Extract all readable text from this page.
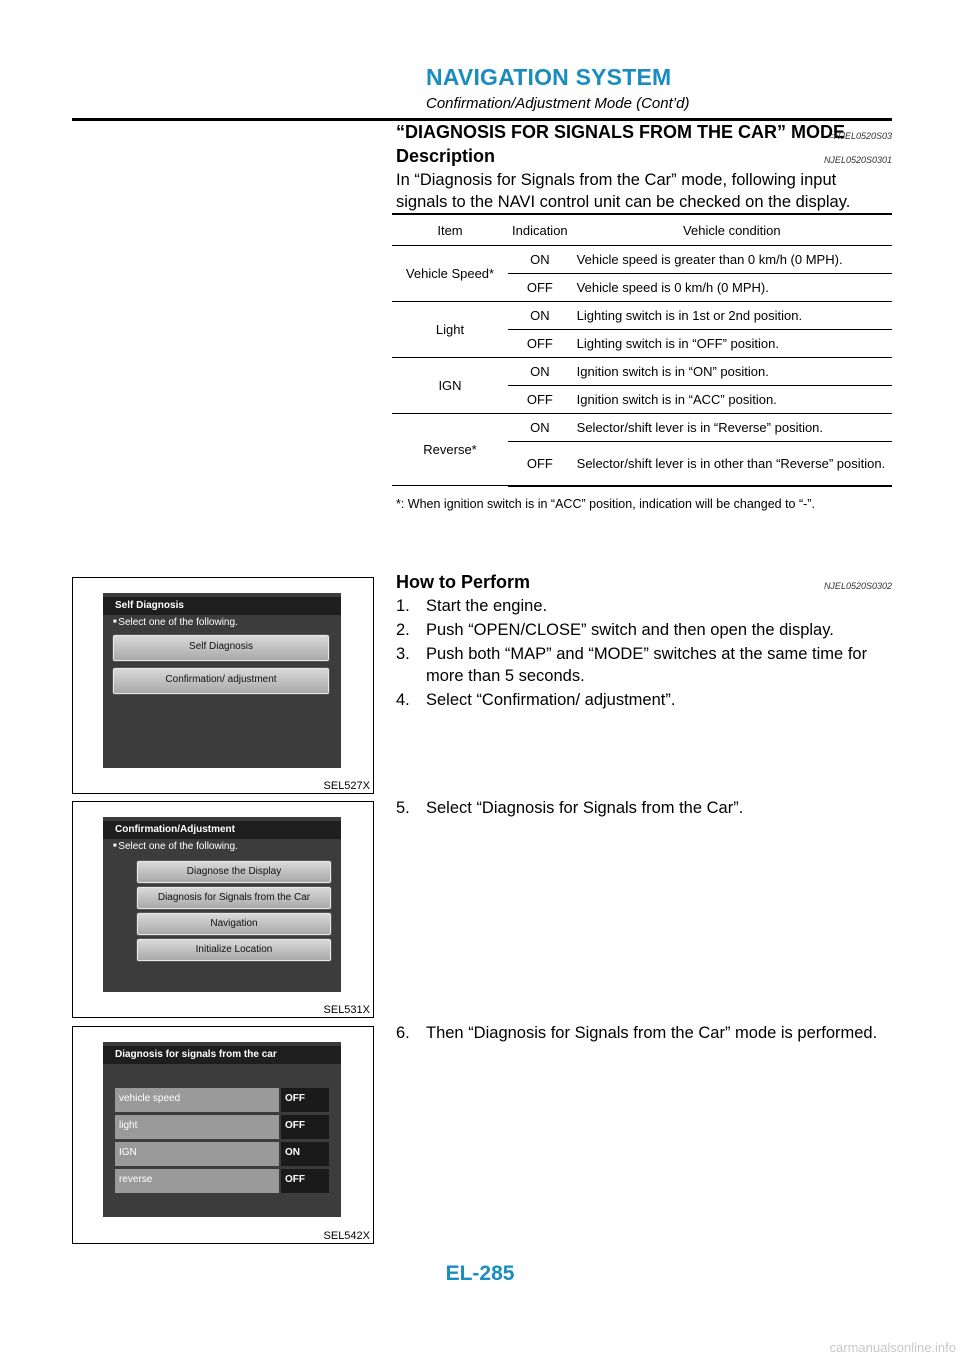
NAVIGATION SYSTEM
Confirmation/Adjustment Mode (Cont’d)
“DIAGNOSIS FOR SIGNALS FROM THE CAR” MODE
=NJEL0520S03
Description	NJEL0520S0301
In “Diagnosis for Signals from the Car” mode, following input signals to the NAVI control unit can be checked on the display.
Item	Indication	Vehicle condition
Vehicle Speed*	ON	Vehicle speed is greater than 0 km/h (0 MPH).
	OFF	Vehicle speed is 0 km/h (0 MPH).
Light	ON	Lighting switch is in 1st or 2nd position.
	OFF	Lighting switch is in “OFF” position.
IGN	ON	Ignition switch is in “ON” position.
	OFF	Ignition switch is in “ACC” position.
Reverse*	ON	Selector/shift lever is in “Reverse” position.
	OFF	Selector/shift lever is in other than “Reverse” position.
*: When ignition switch is in “ACC” position, indication will be changed to “-”.
How to Perform	NJEL0520S0302
1. Start the engine.
2. Push “OPEN/CLOSE” switch and then open the display.
3. Push both “MAP” and “MODE” switches at the same time for more than 5 seconds.
4. Select “Confirmation/ adjustment”.
5. Select “Diagnosis for Signals from the Car”.
6. Then “Diagnosis for Signals from the Car” mode is performed.
Self Diagnosis
■ Select one of the following.
Self Diagnosis
Confirmation/ adjustment
SEL527X
Confirmation/Adjustment
■ Select one of the following.
Diagnose the Display
Diagnosis for Signals from the Car
Navigation
Initialize Location
SEL531X
Diagnosis for signals from the car
vehicle speed	OFF
light	OFF
IGN	ON
reverse	OFF
SEL542X
EL-285
carmanualsonline.info
